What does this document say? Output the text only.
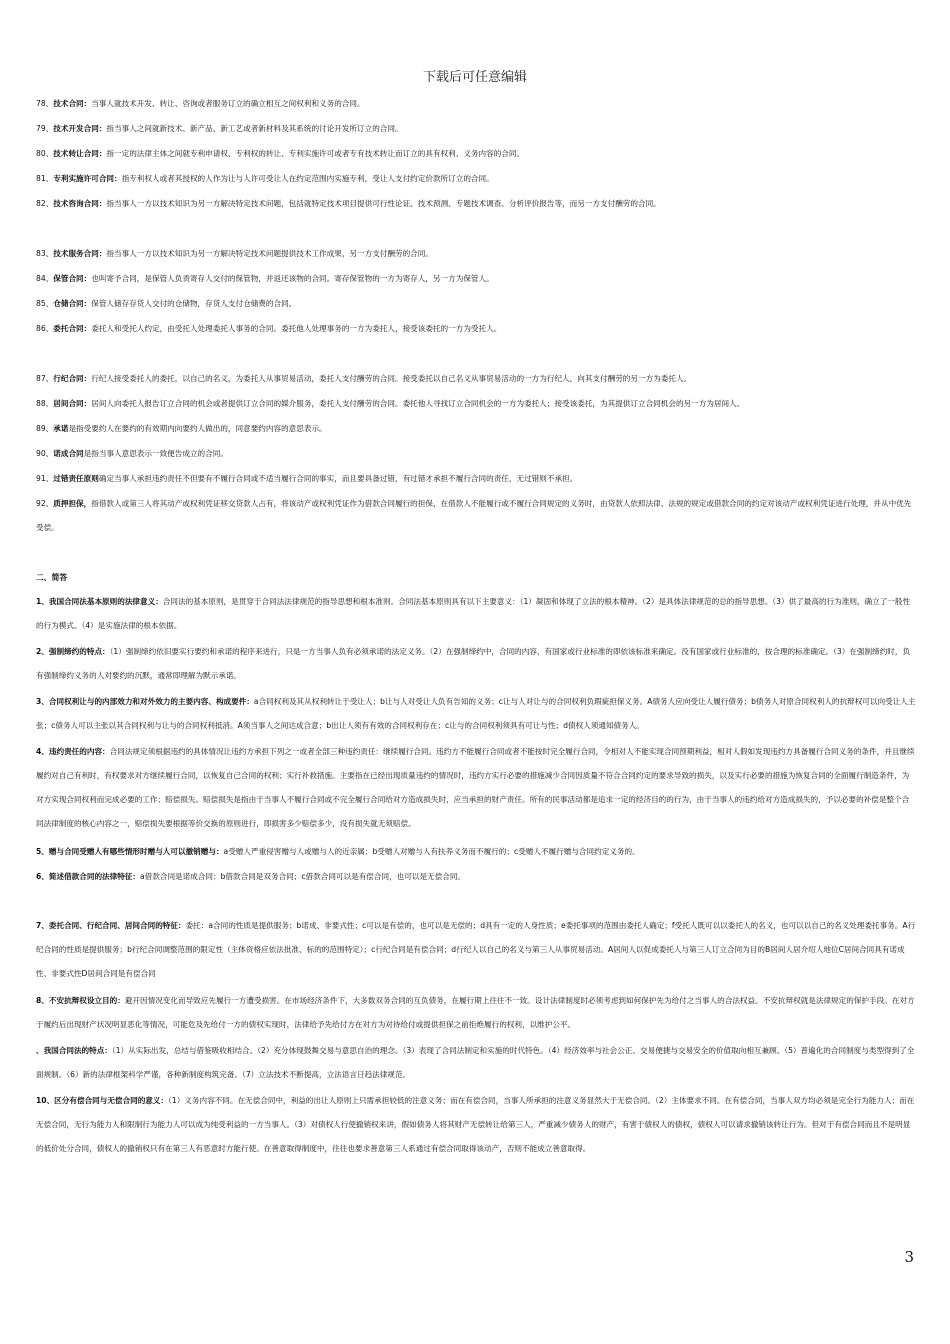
下载后可任意编辑
78、技术合同：当事人就技术开发、转让、咨询或者服务订立的确立相互之间权利和义务的合同。
79、技术开发合同：指当事人之间就新技术、新产品、新工艺或者新材料及其系统的讨论开发所订立的合同。
80、技术转让合同：指一定的法律主体之间就专利申请权、专利权的转让、专利实施许可或者专有技术转让而订立的具有权利、义务内容的合同。
81、专利实施许可合同：指专利权人或者其授权的人作为让与人许可受让人在约定范围内实施专利，受让人支付约定价款所订立的合同。
82、技术咨询合同：指当事人一方以技术知识为另一方解决特定技术问题，包括就特定技术项目提供可行性论证、技术预测、专题技术调查、分析评价报告等，而另一方支付酬劳的合同。
83、技术服务合同：指当事人一方以技术知识为另一方解决特定技术问题提供技术工作成果，另一方支付酬劳的合同。
84、保管合同：也叫寄予合同，是保管人负责寄存人交付的保管物，并返还该物的合同。寄存保管物的一方为寄存人，另一方为保管人。
85、仓储合同：保管人储存存货人交付的仓储物，存货人支付仓储费的合同。
86、委托合同：委托人和受托人约定，由受托人处理委托人事务的合同。委托他人处理事务的一方为委托人，接受该委托的一方为受托人。
87、行纪合同：行纪人接受委托人的委托，以自己的名义，为委托人从事贸易活动，委托人支付酬劳的合同。接受委托以自己名义从事贸易活动的一方为行纪人，向其支付酬劳的另一方为委托人。
88、居间合同：居间人向委托人报告订立合同的机会或者提供订立合同的媒介服务，委托人支付酬劳的合同。委托他人寻找订立合同机会的一方为委托人；接受该委托，为其提供订立合同机会的另一方为居间人。
89、承诺是指受要约人在要约的有效期内向要约人做出的，同意要约内容的意思表示。
90、诺成合同是指当事人意思表示一致便告成立的合同。
91、过错责任原则确定当事人承担违约责任不但要有不履行合同或不适当履行合同的事实，而且要具备过错，有过错才承担不履行合同的责任，无过错则不承担。
92、质押担保，指借款人或第三人将其动产或权利凭证移交贷款人占有，将该动产或权利凭证作为借款合同履行的担保，在借款人不能履行或不履行合同规定的义务时，由贷款人依照法律、法规的规定或借款合同的约定对该动产或权利凭证进行处理，并从中优先受偿。
二、简答
1、我国合同法基本原则的法律意义：合同法的基本原则，是贯穿于合同法法律规范的指导思想和根本准则。合同法基本原则具有以下主要意义：（1）凝固和体现了立法的根本精神。（2）是具体法律规范的总的指导思想。（3）供了最高的行为准则，确立了一般性的行为模式。（4）是实施法律的根本依据。
2、强制缔约的特点：（1）强制缔约依旧要实行要约和承诺的程序来进行，只是一方当事人负有必须承诺的法定义务。（2）在强制缔约中，合同的内容，有国家或行业标准的即依该标准来确定。没有国家或行业标准的，按合理的标准确定。（3）在强制缔约时，负有强制缔约义务的人对要约的沉默，通常即理解为默示承诺。
3、合同权利让与的内部效力和对外效力的主要内容、构成要件：a合同权利及其从权利转让于受让人；b让与人对受让人负有告知的义务；c让与人对让与的合同权利负瑕疵担保义务。A债务人应向受让人履行债务；b债务人对原合同权利人的抗辩权可以向受让人主张；c债务人可以主张以其合同权利与让与的合同权利抵消。A须当事人之间达成合意；b出让人须有有效的合同权利存在；c让与的合同权利须具有可让与性；d债权人须通知债务人。
4、违约责任的内容：合同法规定须根据违约的具体情况让违约方承担下列之一或者全部三种违约责任：继续履行合同。违约方不能履行合同或者不能按时完全履行合同，令相对人不能实现合同预期利益，相对人假如发现违约方具备履行合同义务的条件，并且继续履约对自己有利时，有权要求对方继续履行合同，以恢复自己合同的权利；实行补救措施。主要指在已经出现质量违约的情况时，违约方实行必要的措施减少合同因质量不符合合同约定的要求导致的损失，以及实行必要的措施为恢复合同的全面履行制造条件，为对方实现合同权利而完成必要的工作；赔偿损失。赔偿损失是指由于当事人不履行合同或不完全履行合同给对方造成损失时，应当承担的财产责任。所有的民事活动都是追求一定的经济目的的行为，由于当事人的违约给对方造成损失的，予以必要的补偿是整个合同法律制度的核心内容之一，赔偿损失要根据等价交换的原则进行，即损害多少赔偿多少，没有损失就无须赔偿。
5、赠与合同受赠人有哪些情形时赠与人可以撤销赠与：a受赠人严重侵害赠与人或赠与人的近亲属；b受赠人对赠与人有扶养义务而不履行的；c受赠人不履行赠与合同约定义务的。
6、简述借款合同的法律特征：a借款合同是诺成合同；b借款合同是双务合同；c借款合同可以是有偿合同，也可以是无偿合同。
7、委托合同、行纪合同、居间合同的特征：委托：a合同的性质是提供服务；b诺成、非要式性；c可以是有偿的，也可以是无偿的；d具有一定的人身性质；e委托事项的范围由委托人确定；f受托人既可以以委托人的名义，也可以以自己的名义处理委托事务。A行纪合同的性质是提供服务；b行纪合同调整范围的限定性（主体资格应依法批准、标的的范围特定）；c行纪合同是有偿合同；d行纪人以自己的名义与第三人从事贸易活动。A居间人以促成委托人与第三人订立合同为目的B居间人居介绍人地位C居间合同具有诺成性、非要式性D居间合同是有偿合同
8、不安抗辩权设立目的：避开因情况变化而导致应先履行一方遭受损害。在市场经济条件下，大多数双务合同的互负债务，在履行期上往往不一致。设计法律制度时必须考虑到如何保护先为给付之当事人的合法权益。不安抗辩权就是法律规定的保护手段。在对方于履约后出现财产状况明显恶化等情况，可能危及先给付一方的债权实现时，法律给予先给付方在对方为对待给付或提供担保之前拒绝履行的权利，以维护公平。
、我国合同法的特点：（1）从实际出发，总结与借鉴吸收相结合。（2）充分体现鼓舞交易与意思自治的理念。（3）表现了合同法制定和实施的时代特色。（4）经济效率与社会公正、交易便捷与交易安全的价值取向相互兼顾。（5）普遍化的合同制度与类型得到了全面规制。（6）新的法律框架科学严谨，各种新制度构筑完备。（7）立法技术不断提高，立法语言日趋法律规范。
10、区分有偿合同与无偿合同的意义：（1）义务内容不同。在无偿合同中，利益的出让人原则上只需承担较低的注意义务；而在有偿合同，当事人所承担的注意义务显然大于无偿合同。（2）主体要求不同。在有偿合同，当事人双方均必须是完全行为能力人；而在无偿合同，无行为能力人和限制行为能力人可以成为纯受利益的一方当事人。（3）对债权人行使撤销权来讲，假如债务人将其财产无偿转让给第三人，严重减少债务人的财产，有害于债权人的债权，债权人可以请求撤销该转让行为。但对于有偿合同而且不是明显的低价处分合同，债权人的撤销权只有在第三人有恶意时方能行使。在善意取得制度中，往往也要求善意第三人系通过有偿合同取得该动产，否则不能成立善意取得。
3
